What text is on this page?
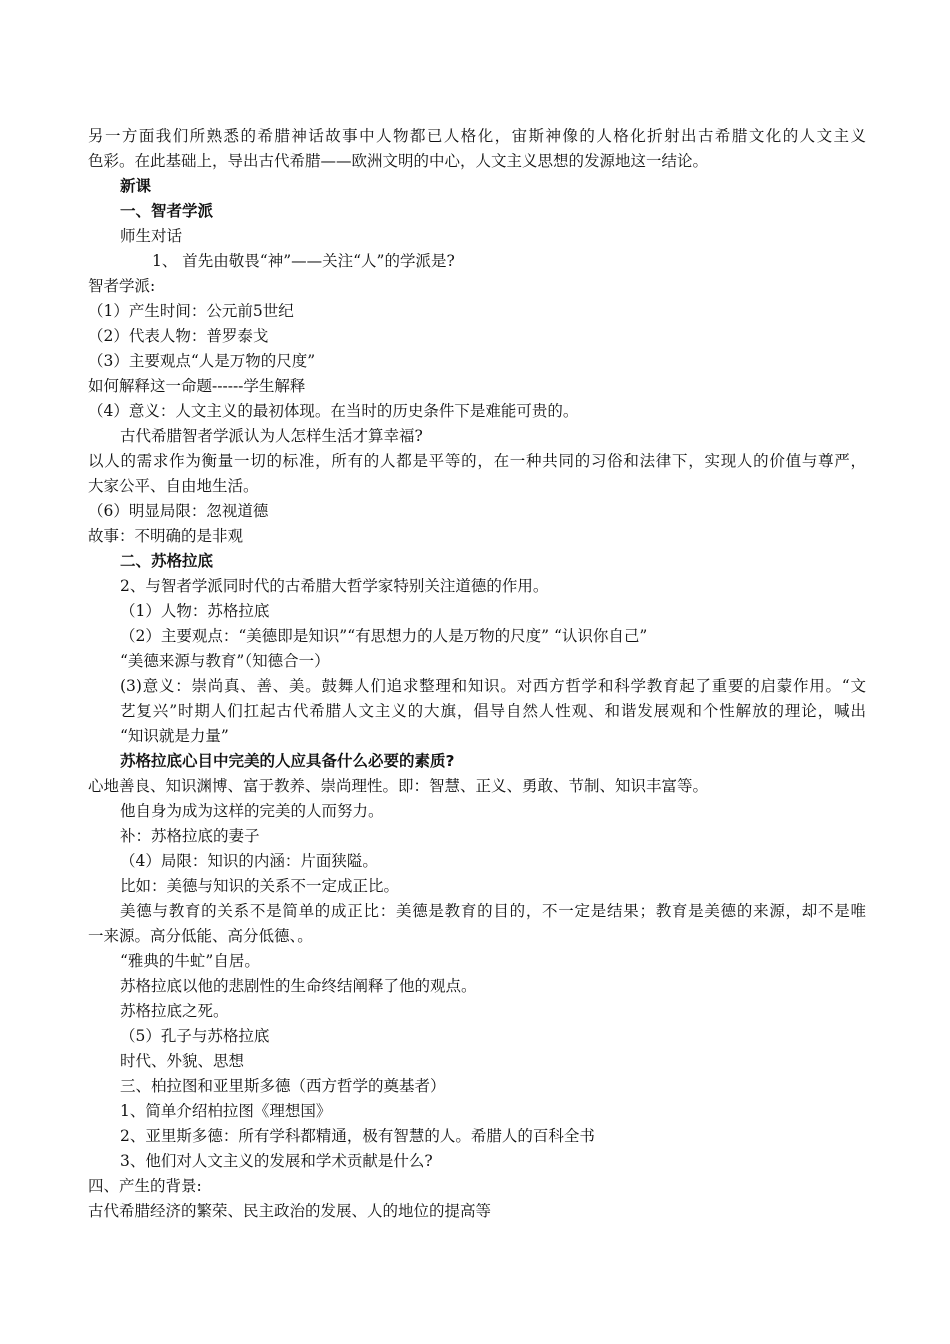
另一方面我们所熟悉的希腊神话故事中人物都已人格化，宙斯神像的人格化折射出古希腊文化的人文主义
色彩。在此基础上，导出古代希腊——欧洲文明的中心，人文主义思想的发源地这一结论。
新课
一、智者学派
师生对话
1、 首先由敬畏“神”——关注“人”的学派是?
智者学派:
（1）产生时间：公元前5世纪
（2）代表人物：普罗泰戈
（3）主要观点“人是万物的尺度”
如何解释这一命题------学生解释
（4）意义：人文主义的最初体现。在当时的历史条件下是难能可贵的。
古代希腊智者学派认为人怎样生活才算幸福?
以人的需求作为衡量一切的标准，所有的人都是平等的，在一种共同的习俗和法律下，实现人的价值与尊严，
大家公平、自由地生活。
（6）明显局限：忽视道德
故事：不明确的是非观
二、苏格拉底
2、与智者学派同时代的古希腊大哲学家特别关注道德的作用。
（1）人物：苏格拉底
（2）主要观点：“美德即是知识”“有思想力的人是万物的尺度” “认识你自己”
“美德来源与教育”（知德合一）
(3)意义：崇尚真、善、美。鼓舞人们追求整理和知识。对西方哲学和科学教育起了重要的启蒙作用。“文
艺复兴”时期人们扛起古代希腊人文主义的大旗，倡导自然人性观、和谐发展观和个性解放的理论，喊出
“知识就是力量”
苏格拉底心目中完美的人应具备什么必要的素质?
心地善良、知识渊博、富于教养、崇尚理性。即：智慧、正义、勇敢、节制、知识丰富等。
他自身为成为这样的完美的人而努力。
补：苏格拉底的妻子
（4）局限：知识的内涵：片面狭隘。
比如：美德与知识的关系不一定成正比。
美德与教育的关系不是简单的成正比：美德是教育的目的，不一定是结果；教育是美德的来源，却不是唯
一来源。高分低能、高分低德、。
“雅典的牛虻”自居。
苏格拉底以他的悲剧性的生命终结阐释了他的观点。
苏格拉底之死。
（5）孔子与苏格拉底
时代、外貌、思想
三、柏拉图和亚里斯多德（西方哲学的奠基者）
1、简单介绍柏拉图《理想国》
2、亚里斯多德：所有学科都精通，极有智慧的人。希腊人的百科全书
3、他们对人文主义的发展和学术贡献是什么?
四、产生的背景:
古代希腊经济的繁荣、民主政治的发展、人的地位的提高等
